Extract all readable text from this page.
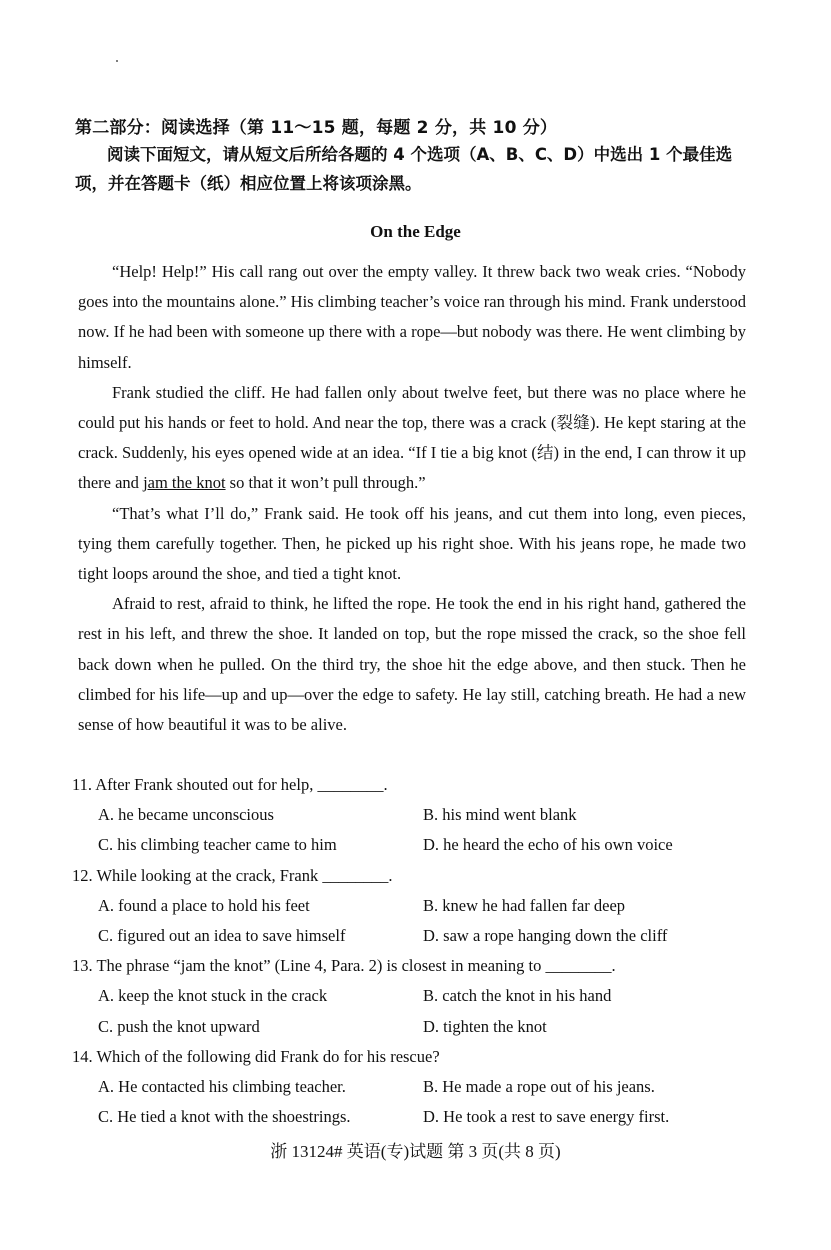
第二部分：阅读选择（第 11～15 题，每题 2 分，共 10 分）
阅读下面短文，请从短文后所给各题的 4 个选项（A、B、C、D）中选出 1 个最佳选项，并在答题卡（纸）相应位置上将该项涂黑。
On the Edge

“Help! Help!” His call rang out over the empty valley. It threw back two weak cries. “Nobody goes into the mountains alone.” His climbing teacher’s voice ran through his mind. Frank understood now. If he had been with someone up there with a rope—but nobody was there. He went climbing by himself.

Frank studied the cliff. He had fallen only about twelve feet, but there was no place where he could put his hands or feet to hold. And near the top, there was a crack (裂缝). He kept staring at the crack. Suddenly, his eyes opened wide at an idea. “If I tie a big knot (结) in the end, I can throw it up there and jam the knot so that it won’t pull through.”

“That’s what I’ll do,” Frank said. He took off his jeans, and cut them into long, even pieces, tying them carefully together. Then, he picked up his right shoe. With his jeans rope, he made two tight loops around the shoe, and tied a tight knot.

Afraid to rest, afraid to think, he lifted the rope. He took the end in his right hand, gathered the rest in his left, and threw the shoe. It landed on top, but the rope missed the crack, so the shoe fell back down when he pulled. On the third try, the shoe hit the edge above, and then stuck. Then he climbed for his life—up and up—over the edge to safety. He lay still, catching breath. He had a new sense of how beautiful it was to be alive.

11. After Frank shouted out for help, ________.
A. he became unconscious	B. his mind went blank
C. his climbing teacher came to him	D. he heard the echo of his own voice
12. While looking at the crack, Frank ________.
A. found a place to hold his feet	B. knew he had fallen far deep
C. figured out an idea to save himself	D. saw a rope hanging down the cliff
13. The phrase “jam the knot” (Line 4, Para. 2) is closest in meaning to ________.
A. keep the knot stuck in the crack	B. catch the knot in his hand
C. push the knot upward	D. tighten the knot
14. Which of the following did Frank do for his rescue?
A. He contacted his climbing teacher.	B. He made a rope out of his jeans.
C. He tied a knot with the shoestrings.	D. He took a rest to save energy first.
浙 13124# 英语(专)试题 第 3 页(共 8 页)
